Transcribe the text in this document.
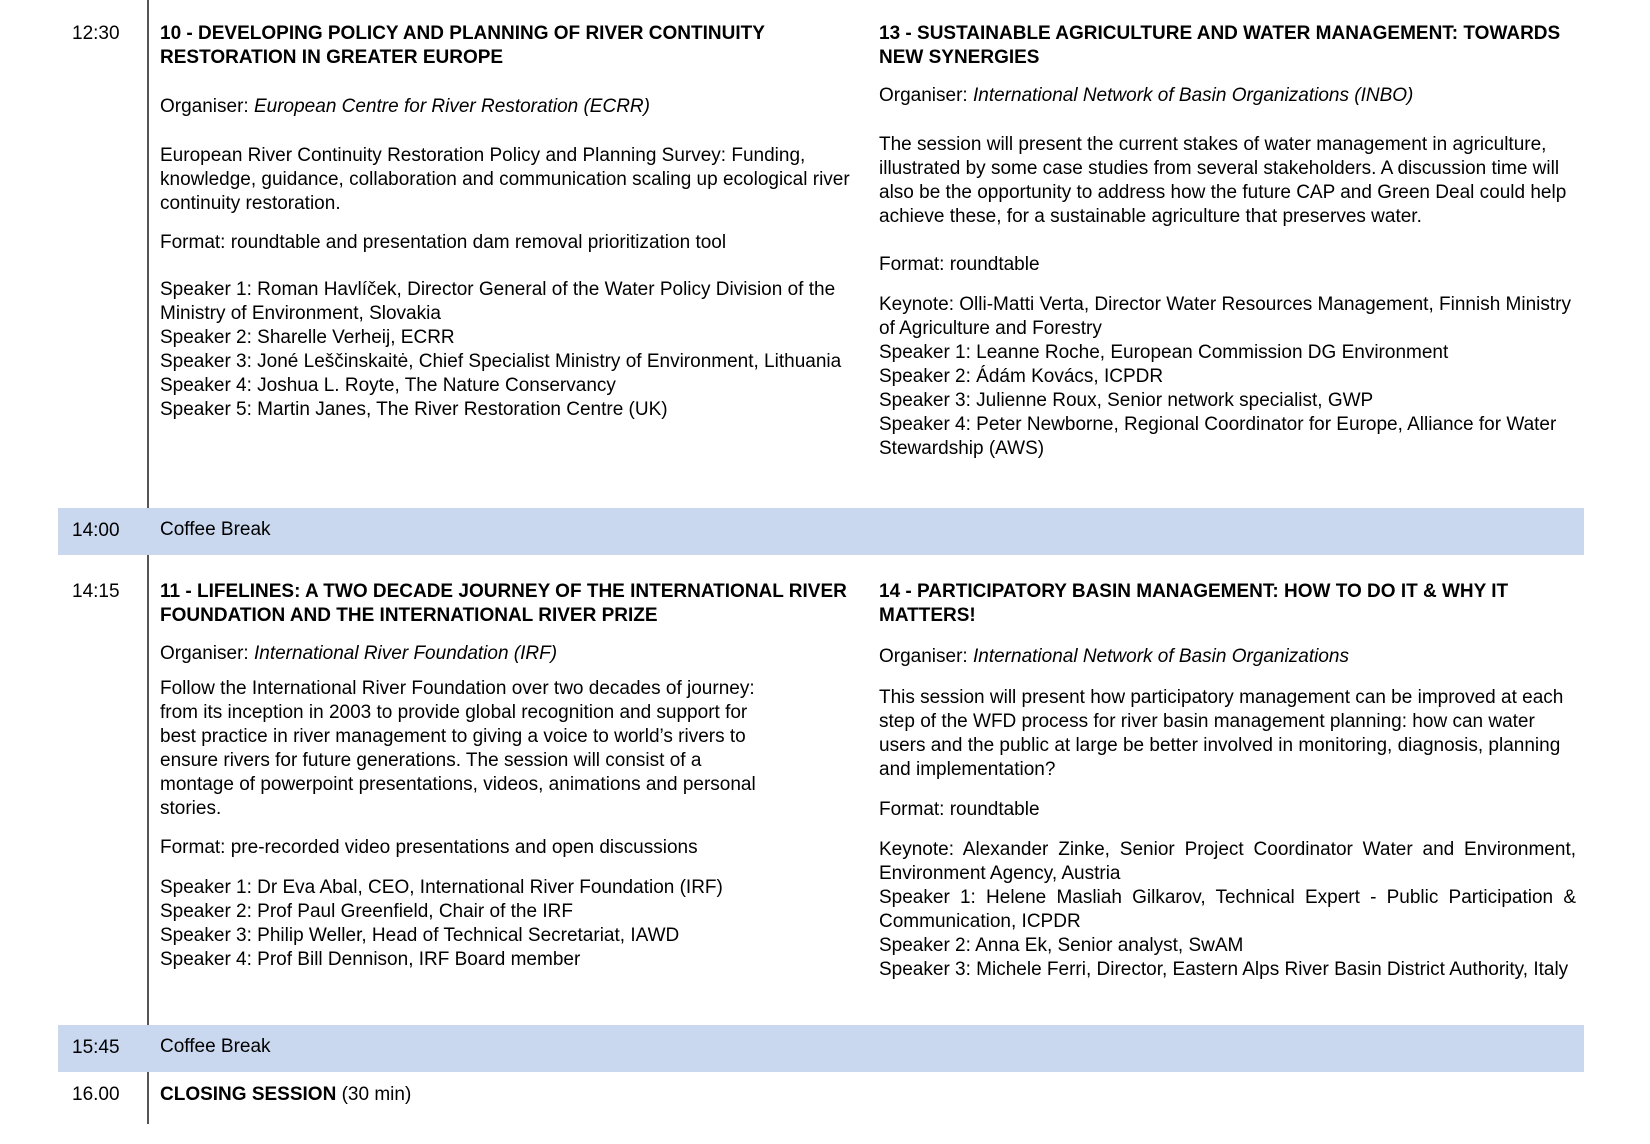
12:30 10 - DEVELOPING POLICY AND PLANNING OF RIVER CONTINUITY RESTORATION IN GREATER EUROPE

Organiser: European Centre for River Restoration (ECRR)

European River Continuity Restoration Policy and Planning Survey: Funding, knowledge, guidance, collaboration and communication scaling up ecological river continuity restoration.

Format: roundtable and presentation dam removal prioritization tool

Speaker 1: Roman Havlíček, Director General of the Water Policy Division of the Ministry of Environment, Slovakia

Speaker 2: Sharelle Verheij, ECRR

Speaker 3: Joné Leščinskaitė, Chief Specialist Ministry of Environment, Lithuania

Speaker 4: Joshua L. Royte, The Nature Conservancy

Speaker 5: Martin Janes, The River Restoration Centre (UK)

13 - SUSTAINABLE AGRICULTURE AND WATER MANAGEMENT: TOWARDS NEW SYNERGIES

Organiser: International Network of Basin Organizations (INBO)

The session will present the current stakes of water management in agriculture, illustrated by some case studies from several stakeholders. A discussion time will also be the opportunity to address how the future CAP and Green Deal could help achieve these, for a sustainable agriculture that preserves water.

Format: roundtable

Keynote: Olli-Matti Verta, Director Water Resources Management, Finnish Ministry of Agriculture and Forestry

Speaker 1: Leanne Roche, European Commission DG Environment

Speaker 2: Ádám Kovács, ICPDR

Speaker 3: Julienne Roux, Senior network specialist, GWP

Speaker 4: Peter Newborne, Regional Coordinator for Europe, Alliance for Water Stewardship (AWS)

14:00 Coffee Break
14:15 11 - LIFELINES: A TWO DECADE JOURNEY OF THE INTERNATIONAL RIVER FOUNDATION AND THE INTERNATIONAL RIVER PRIZE

Organiser: International River Foundation (IRF)

Follow the International River Foundation over two decades of journey: from its inception in 2003 to provide global recognition and support for best practice in river management to giving a voice to world’s rivers to ensure rivers for future generations. The session will consist of a montage of powerpoint presentations, videos, animations and personal stories.

Format: pre-recorded video presentations and open discussions

Speaker 1: Dr Eva Abal, CEO, International River Foundation (IRF)

Speaker 2: Prof Paul Greenfield, Chair of the IRF

Speaker 3: Philip Weller, Head of Technical Secretariat, IAWD

Speaker 4: Prof Bill Dennison, IRF Board member

14 - PARTICIPATORY BASIN MANAGEMENT: HOW TO DO IT & WHY IT MATTERS!

Organiser: International Network of Basin Organizations

This session will present how participatory management can be improved at each step of the WFD process for river basin management planning: how can water users and the public at large be better involved in monitoring, diagnosis, planning and implementation?

Format: roundtable

Keynote: Alexander Zinke, Senior Project Coordinator Water and Environment, Environment Agency, Austria

Speaker 1: Helene Masliah Gilkarov, Technical Expert - Public Participation & Communication, ICPDR

Speaker 2: Anna Ek, Senior analyst, SwAM

Speaker 3: Michele Ferri, Director, Eastern Alps River Basin District Authority, Italy

15:45 Coffee Break
16.00 CLOSING SESSION (30 min)
